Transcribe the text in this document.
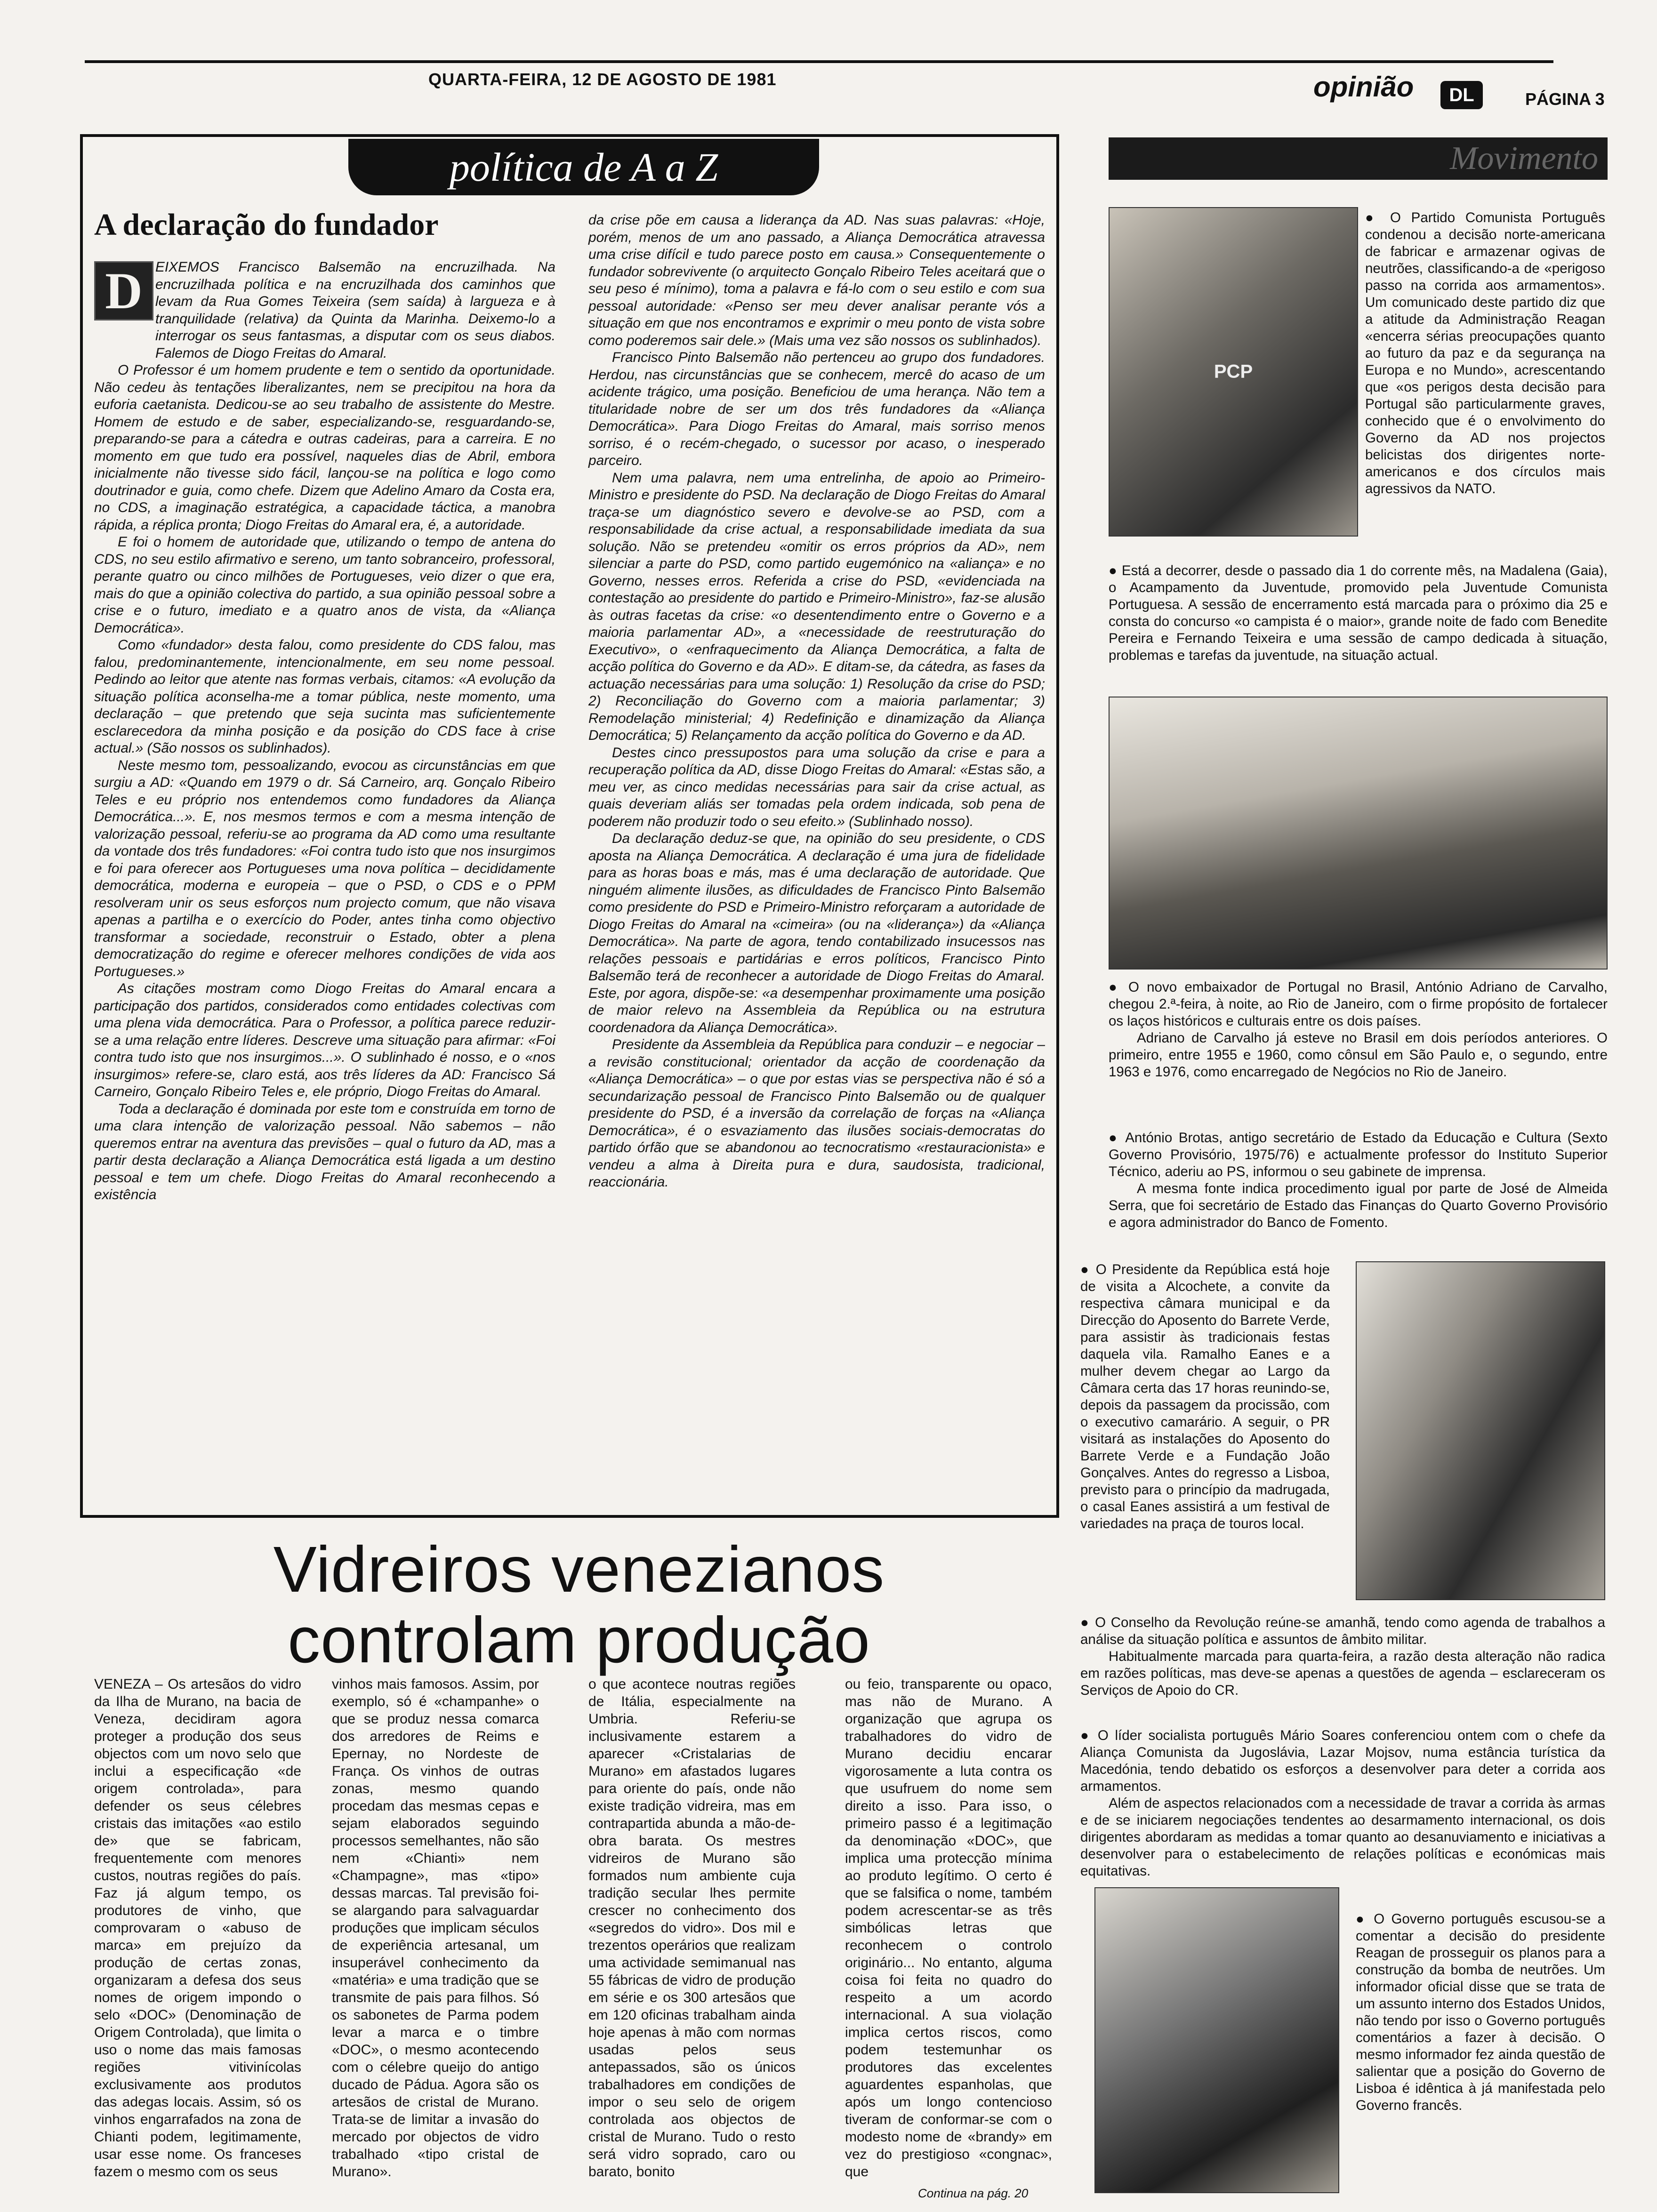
QUARTA-FEIRA, 12 DE AGOSTO DE 1981	opinião	DL	PÁGINA 3
política de A a Z
A declaração do fundador
D EIXEMOS Francisco Balsemão na encruzilhada. Na encruzilhada política e na encruzilhada dos caminhos que levam da Rua Gomes Teixeira (sem saída) à largueza e à tranquilidade (relativa) da Quinta da Marinha. Deixemo-lo a interrogar os seus fantasmas, a disputar com os seus diabos. Falemos de Diogo Freitas do Amaral.

O Professor é um homem prudente e tem o sentido da oportunidade. Não cedeu às tentações liberalizantes, nem se precipitou na hora da euforia caetanista. Dedicou-se ao seu trabalho de assistente do Mestre. Homem de estudo e de saber, especializando-se, resguardando-se, preparando-se para a cátedra e outras cadeiras, para a carreira. E no momento em que tudo era possível, naqueles dias de Abril, embora inicialmente não tivesse sido fácil, lançou-se na política e logo como doutrinador e guia, como chefe. Dizem que Adelino Amaro da Costa era, no CDS, a imaginação estratégica, a capacidade táctica, a manobra rápida, a réplica pronta; Diogo Freitas do Amaral era, é, a autoridade.

E foi o homem de autoridade que, utilizando o tempo de antena do CDS, no seu estilo afirmativo e sereno, um tanto sobranceiro, professoral, perante quatro ou cinco milhões de Portugueses, veio dizer o que era, mais do que a opinião colectiva do partido, a sua opinião pessoal sobre a crise e o futuro, imediato e a quatro anos de vista, da «Aliança Democrática».

Como «fundador» desta falou, como presidente do CDS falou, mas falou, predominantemente, intencionalmente, em seu nome pessoal. Pedindo ao leitor que atente nas formas verbais, citamos: «A evolução da situação política aconselha-me a tomar pública, neste momento, uma declaração – que pretendo que seja sucinta mas suficientemente esclarecedora da minha posição e da posição do CDS face à crise actual.» (São nossos os sublinhados).

Neste mesmo tom, pessoalizando, evocou as circunstâncias em que surgiu a AD: «Quando em 1979 o dr. Sá Carneiro, arq. Gonçalo Ribeiro Teles e eu próprio nos entendemos como fundadores da Aliança Democrática...». E, nos mesmos termos e com a mesma intenção de valorização pessoal, referiu-se ao programa da AD como uma resultante da vontade dos três fundadores: «Foi contra tudo isto que nos insurgimos e foi para oferecer aos Portugueses uma nova política – decididamente democrática, moderna e europeia – que o PSD, o CDS e o PPM resolveram unir os seus esforços num projecto comum, que não visava apenas a partilha e o exercício do Poder, antes tinha como objectivo transformar a sociedade, reconstruir o Estado, obter a plena democratização do regime e oferecer melhores condições de vida aos Portugueses.»

As citações mostram como Diogo Freitas do Amaral encara a participação dos partidos, considerados como entidades colectivas com uma plena vida democrática. Para o Professor, a política parece reduzir-se a uma relação entre líderes. Descreve uma situação para afirmar: «Foi contra tudo isto que nos insurgimos...». O sublinhado é nosso, e o «nos insurgimos» refere-se, claro está, aos três líderes da AD: Francisco Sá Carneiro, Gonçalo Ribeiro Teles e, ele próprio, Diogo Freitas do Amaral.

Toda a declaração é dominada por este tom e construída em torno de uma clara intenção de valorização pessoal. Não sabemos – não queremos entrar na aventura das previsões – qual o futuro da AD, mas a partir desta declaração a Aliança Democrática está ligada a um destino pessoal e tem um chefe. Diogo Freitas do Amaral reconhecendo a existência

da crise põe em causa a liderança da AD. Nas suas palavras: «Hoje, porém, menos de um ano passado, a Aliança Democrática atravessa uma crise difícil e tudo parece posto em causa.» Consequentemente o fundador sobrevivente (o arquitecto Gonçalo Ribeiro Teles aceitará que o seu peso é mínimo), toma a palavra e fá-lo com o seu estilo e com sua pessoal autoridade: «Penso ser meu dever analisar perante vós a situação em que nos encontramos e exprimir o meu ponto de vista sobre como poderemos sair dele.» (Mais uma vez são nossos os sublinhados).

Francisco Pinto Balsemão não pertenceu ao grupo dos fundadores. Herdou, nas circunstâncias que se conhecem, mercê do acaso de um acidente trágico, uma posição. Beneficiou de uma herança. Não tem a titularidade nobre de ser um dos três fundadores da «Aliança Democrática». Para Diogo Freitas do Amaral, mais sorriso menos sorriso, é o recém-chegado, o sucessor por acaso, o inesperado parceiro.

Nem uma palavra, nem uma entrelinha, de apoio ao Primeiro-Ministro e presidente do PSD. Na declaração de Diogo Freitas do Amaral traça-se um diagnóstico severo e devolve-se ao PSD, com a responsabilidade da crise actual, a responsabilidade imediata da sua solução. Não se pretendeu «omitir os erros próprios da AD», nem silenciar a parte do PSD, como partido eugemónico na «aliança» e no Governo, nesses erros. Referida a crise do PSD, «evidenciada na contestação ao presidente do partido e Primeiro-Ministro», faz-se alusão às outras facetas da crise: «o desentendimento entre o Governo e a maioria parlamentar AD», a «necessidade de reestruturação do Executivo», o «enfraquecimento da Aliança Democrática, a falta de acção política do Governo e da AD». E ditam-se, da cátedra, as fases da actuação necessárias para uma solução: 1) Resolução da crise do PSD; 2) Reconciliação do Governo com a maioria parlamentar; 3) Remodelação ministerial; 4) Redefinição e dinamização da Aliança Democrática; 5) Relançamento da acção política do Governo e da AD.

Destes cinco pressupostos para uma solução da crise e para a recuperação política da AD, disse Diogo Freitas do Amaral: «Estas são, a meu ver, as cinco medidas necessárias para sair da crise actual, as quais deveriam aliás ser tomadas pela ordem indicada, sob pena de poderem não produzir todo o seu efeito.» (Sublinhado nosso).

Da declaração deduz-se que, na opinião do seu presidente, o CDS aposta na Aliança Democrática. A declaração é uma jura de fidelidade para as horas boas e más, mas é uma declaração de autoridade. Que ninguém alimente ilusões, as dificuldades de Francisco Pinto Balsemão como presidente do PSD e Primeiro-Ministro reforçaram a autoridade de Diogo Freitas do Amaral na «cimeira» (ou na «liderança») da «Aliança Democrática». Na parte de agora, tendo contabilizado insucessos nas relações pessoais e partidárias e erros políticos, Francisco Pinto Balsemão terá de reconhecer a autoridade de Diogo Freitas do Amaral. Este, por agora, dispõe-se: «a desempenhar proximamente uma posição de maior relevo na Assembleia da República ou na estrutura coordenadora da Aliança Democrática».

Presidente da Assembleia da República para conduzir – e negociar – a revisão constitucional; orientador da acção de coordenação da «Aliança Democrática» – o que por estas vias se perspectiva não é só a secundarização pessoal de Francisco Pinto Balsemão ou de qualquer presidente do PSD, é a inversão da correlação de forças na «Aliança Democrática», é o esvaziamento das ilusões sociais-democratas do partido órfão que se abandonou ao tecnocratismo «restauracionista» e vendeu a alma à Direita pura e dura, saudosista, tradicional, reaccionária.

Vidreiros venezianos
controlam produção
VENEZA – Os artesãos do vidro da Ilha de Murano, na bacia de Veneza, decidiram agora proteger a produção dos seus objectos com um novo selo que inclui a especificação «de origem controlada», para defender os seus célebres cristais das imitações «ao estilo de» que se fabricam, frequentemente com menores custos, noutras regiões do país. Faz já algum tempo, os produtores de vinho, que comprovaram o «abuso de marca» em prejuízo da produção de certas zonas, organizaram a defesa dos seus nomes de origem impondo o selo «DOC» (Denominação de Origem Controlada), que limita o uso o nome das mais famosas regiões vitivinícolas exclusivamente aos produtos das adegas locais. Assim, só os vinhos engarrafados na zona de Chianti podem, legitimamente, usar esse nome. Os franceses fazem o mesmo com os seus
vinhos mais famosos. Assim, por exemplo, só é «champanhe» o que se produz nessa comarca dos arredores de Reims e Epernay, no Nordeste de França. Os vinhos de outras zonas, mesmo quando procedam das mesmas cepas e sejam elaborados seguindo processos semelhantes, não são nem «Chianti» nem «Champagne», mas «tipo» dessas marcas. Tal previsão foi-se alargando para salvaguardar produções que implicam séculos de experiência artesanal, um insuperável conhecimento da «matéria» e uma tradição que se transmite de pais para filhos. Só os sabonetes de Parma podem levar a marca e o timbre «DOC», o mesmo acontecendo com o célebre queijo do antigo ducado de Pádua. Agora são os artesãos de cristal de Murano. Trata-se de limitar a invasão do mercado por objectos de vidro trabalhado «tipo cristal de Murano».
o que acontece noutras regiões de Itália, especialmente na Umbria. Referiu-se inclusivamente estarem a aparecer «Cristalarias de Murano» em afastados lugares para oriente do país, onde não existe tradição vidreira, mas em contrapartida abunda a mão-de-obra barata. Os mestres vidreiros de Murano são formados num ambiente cuja tradição secular lhes permite crescer no conhecimento dos «segredos do vidro». Dos mil e trezentos operários que realizam uma actividade semimanual nas 55 fábricas de vidro de produção em série e os 300 artesãos que em 120 oficinas trabalham ainda hoje apenas à mão com normas usadas pelos seus antepassados, são os únicos trabalhadores em condições de impor o seu selo de origem controlada aos objectos de cristal de Murano. Tudo o resto será vidro soprado, caro ou barato, bonito
ou feio, transparente ou opaco, mas não de Murano. A organização que agrupa os trabalhadores do vidro de Murano decidiu encarar vigorosamente a luta contra os que usufruem do nome sem direito a isso. Para isso, o primeiro passo é a legitimação da denominação «DOC», que implica uma protecção mínima ao produto legítimo. O certo é que se falsifica o nome, também podem acrescentar-se as três simbólicas letras que reconhecem o controlo originário... No entanto, alguma coisa foi feita no quadro do respeito a um acordo internacional. A sua violação implica certos riscos, como podem testemunhar os produtores das excelentes aguardentes espanholas, que após um longo contencioso tiveram de conformar-se com o modesto nome de «brandy» em vez do prestigioso «congnac», que
Continua na pág. 20
Movimento
PCP

● O Partido Comunista Português condenou a decisão norte-americana de fabricar e armazenar ogivas de neutrões, classificando-a de «perigoso passo na corrida aos armamentos». Um comunicado deste partido diz que a atitude da Administração Reagan «encerra sérias preocupações quanto ao futuro da paz e da segurança na Europa e no Mundo», acrescentando que «os perigos desta decisão para Portugal são particularmente graves, conhecido que é o envolvimento do Governo da AD nos projectos belicistas dos dirigentes norte-americanos e dos círculos mais agressivos da NATO.

● Está a decorrer, desde o passado dia 1 do corrente mês, na Madalena (Gaia), o Acampamento da Juventude, promovido pela Juventude Comunista Portuguesa. A sessão de encerramento está marcada para o próximo dia 25 e consta do concurso «o campista é o maior», grande noite de fado com Benedite Pereira e Fernando Teixeira e uma sessão de campo dedicada à situação, problemas e tarefas da juventude, na situação actual.

● O novo embaixador de Portugal no Brasil, António Adriano de Carvalho, chegou 2.ª-feira, à noite, ao Rio de Janeiro, com o firme propósito de fortalecer os laços históricos e culturais entre os dois países.

Adriano de Carvalho já esteve no Brasil em dois períodos anteriores. O primeiro, entre 1955 e 1960, como cônsul em São Paulo e, o segundo, entre 1963 e 1976, como encarregado de Negócios no Rio de Janeiro.

● António Brotas, antigo secretário de Estado da Educação e Cultura (Sexto Governo Provisório, 1975/76) e actualmente professor do Instituto Superior Técnico, aderiu ao PS, informou o seu gabinete de imprensa.

A mesma fonte indica procedimento igual por parte de José de Almeida Serra, que foi secretário de Estado das Finanças do Quarto Governo Provisório e agora administrador do Banco de Fomento.

● O Presidente da República está hoje de visita a Alcochete, a convite da respectiva câmara municipal e da Direcção do Aposento do Barrete Verde, para assistir às tradicionais festas daquela vila. Ramalho Eanes e a mulher devem chegar ao Largo da Câmara certa das 17 horas reunindo-se, depois da passagem da procissão, com o executivo camarário. A seguir, o PR visitará as instalações do Aposento do Barrete Verde e a Fundação João Gonçalves. Antes do regresso a Lisboa, previsto para o princípio da madrugada, o casal Eanes assistirá a um festival de variedades na praça de touros local.

● O Conselho da Revolução reúne-se amanhã, tendo como agenda de trabalhos a análise da situação política e assuntos de âmbito militar.

Habitualmente marcada para quarta-feira, a razão desta alteração não radica em razões políticas, mas deve-se apenas a questões de agenda – esclareceram os Serviços de Apoio do CR.

● O líder socialista português Mário Soares conferenciou ontem com o chefe da Aliança Comunista da Jugoslávia, Lazar Mojsov, numa estância turística da Macedónia, tendo debatido os esforços a desenvolver para deter a corrida aos armamentos.

Além de aspectos relacionados com a necessidade de travar a corrida às armas e de se iniciarem negociações tendentes ao desarmamento internacional, os dois dirigentes abordaram as medidas a tomar quanto ao desanuviamento e iniciativas a desenvolver para o estabelecimento de relações políticas e económicas mais equitativas.

● O Governo português escusou-se a comentar a decisão do presidente Reagan de prosseguir os planos para a construção da bomba de neutrões. Um informador oficial disse que se trata de um assunto interno dos Estados Unidos, não tendo por isso o Governo português comentários a fazer à decisão. O mesmo informador fez ainda questão de salientar que a posição do Governo de Lisboa é idêntica à já manifestada pelo Governo francês.
